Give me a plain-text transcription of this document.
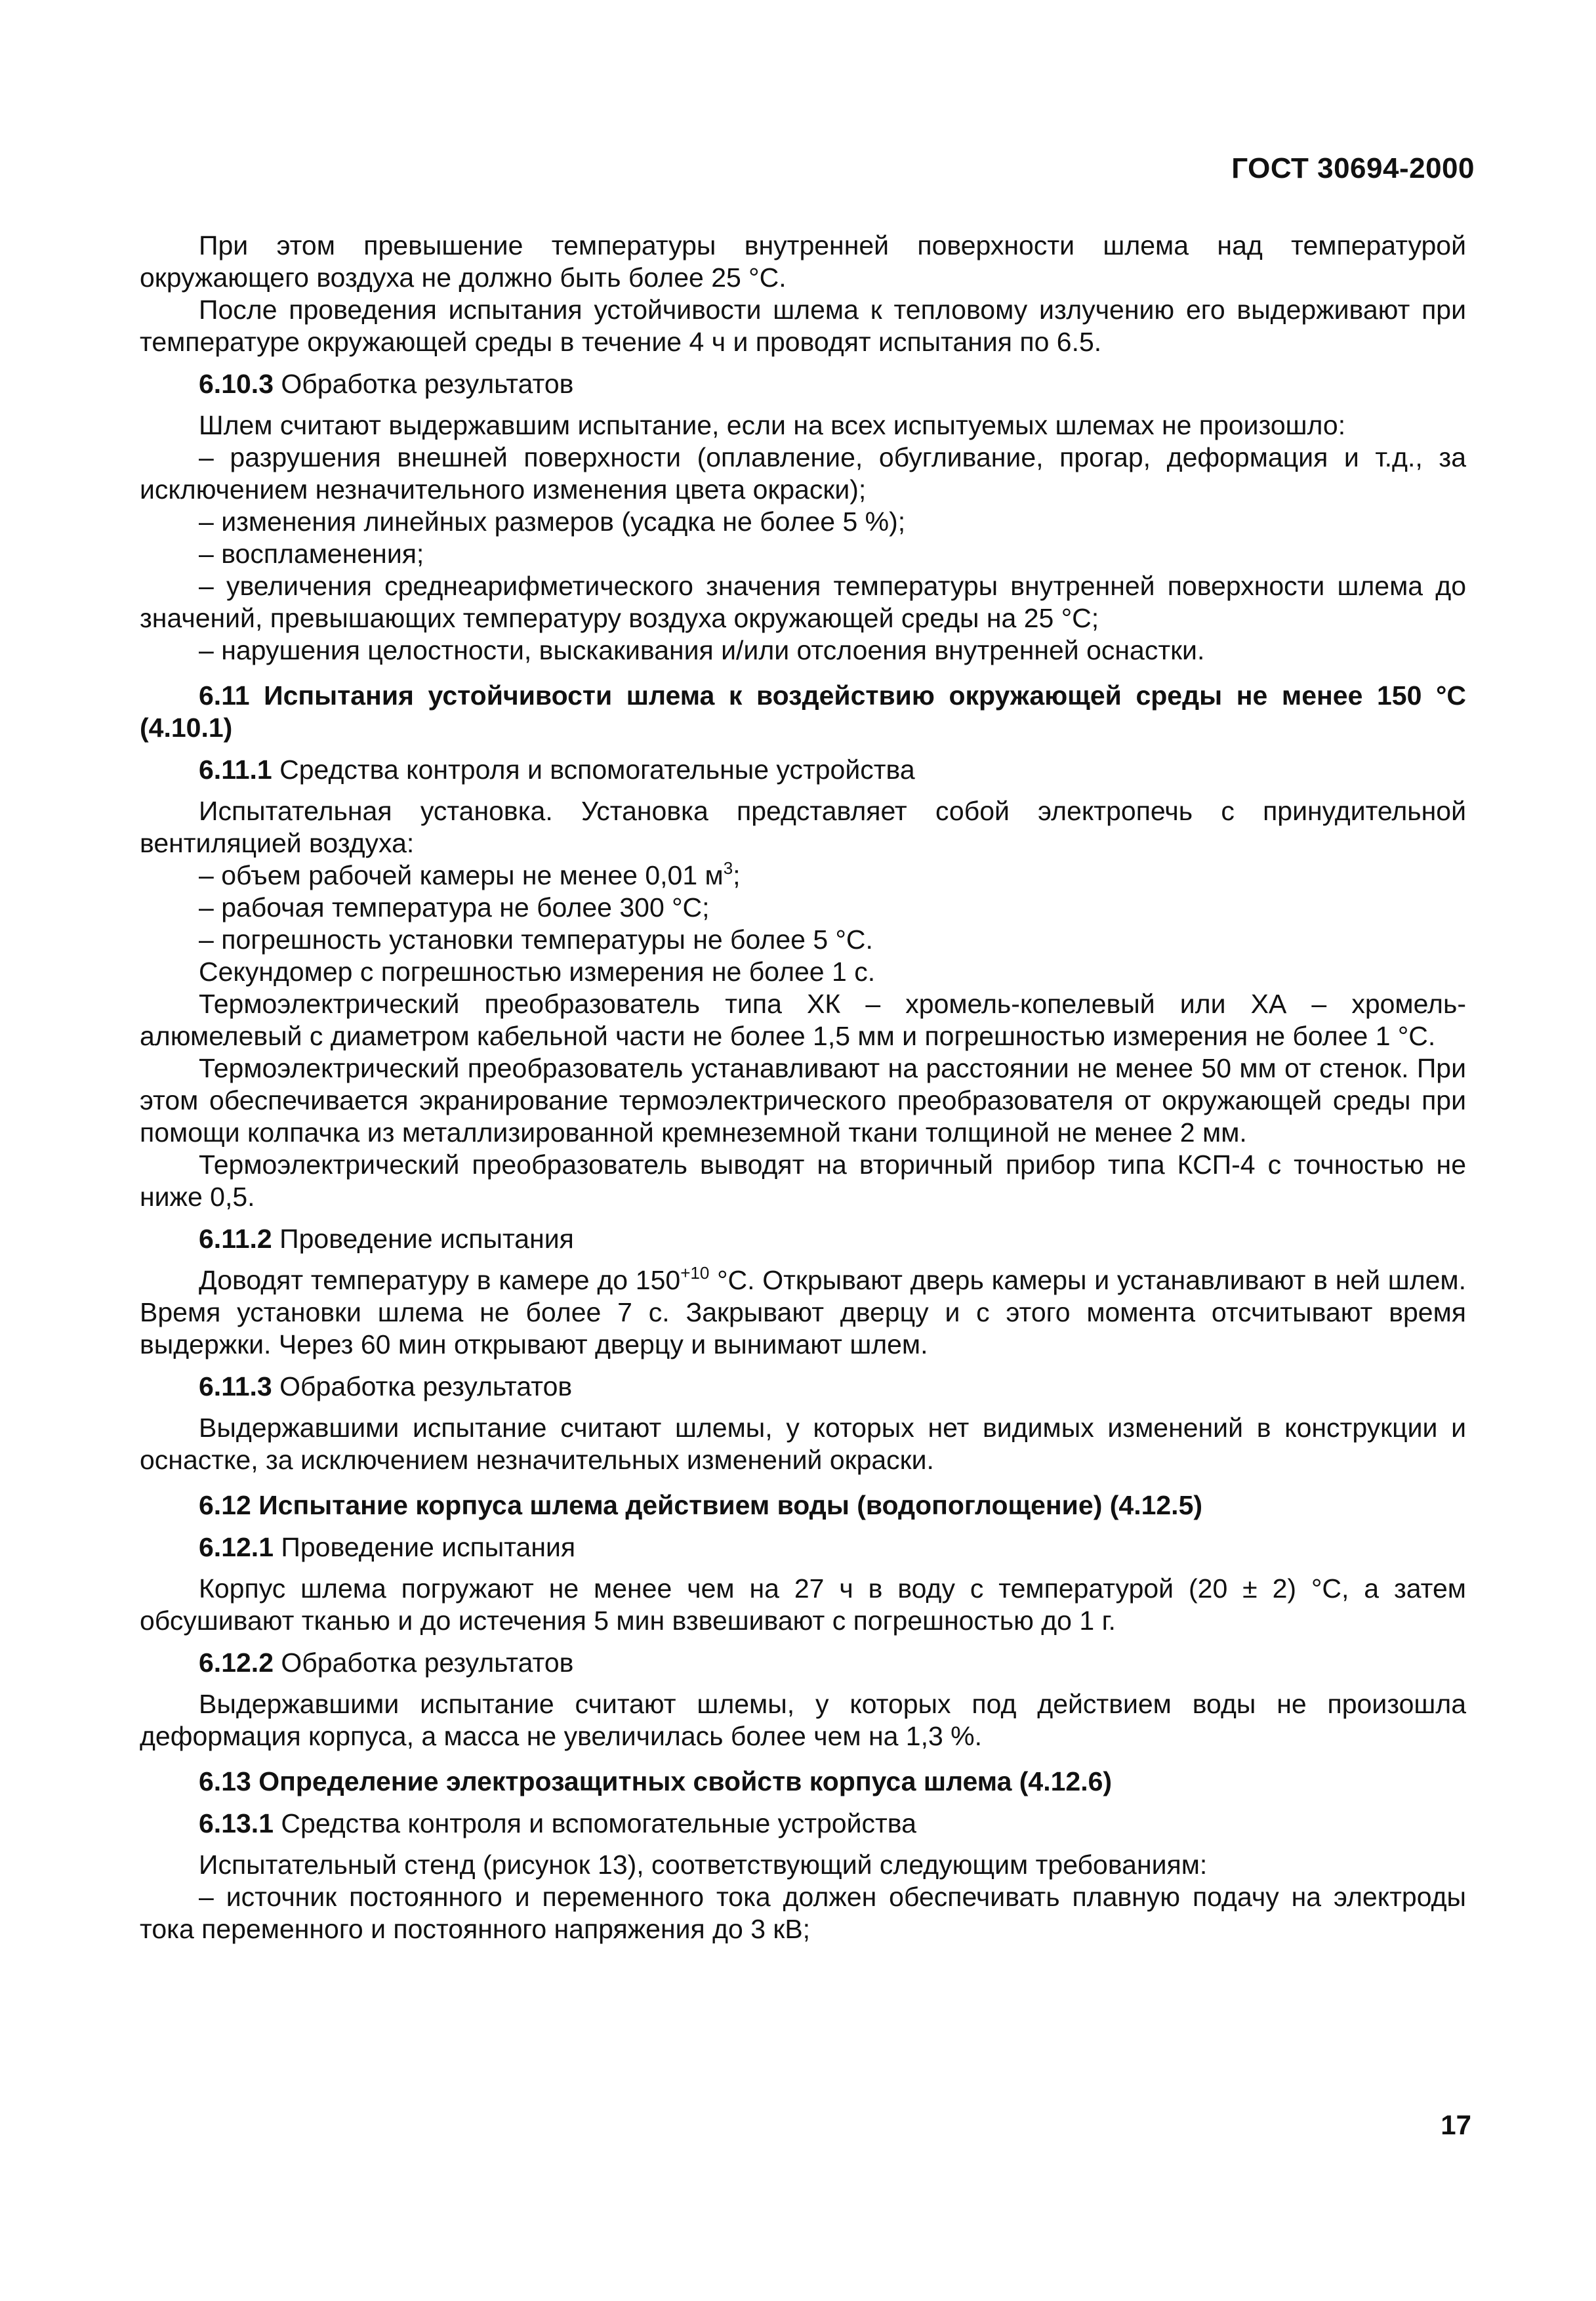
ГОСТ 30694-2000

При этом превышение температуры внутренней поверхности шлема над температурой окружающего воздуха не должно быть более 25 °С.

После проведения испытания устойчивости шлема к тепловому излучению его выдерживают при температуре окружающей среды в течение 4 ч и проводят испытания по 6.5.

6.10.3 Обработка результатов

Шлем считают выдержавшим испытание, если на всех испытуемых шлемах не произошло:

– разрушения внешней поверхности (оплавление, обугливание, прогар, деформация и т.д., за исключением незначительного изменения цвета окраски);

– изменения линейных размеров (усадка не более 5 %);

– воспламенения;

– увеличения среднеарифметического значения температуры внутренней поверхности шлема до значений, превышающих температуру воздуха окружающей среды на 25 °С;

– нарушения целостности, выскакивания и/или отслоения внутренней оснастки.

6.11 Испытания устойчивости шлема к воздействию окружающей среды не менее 150 °С (4.10.1)

6.11.1 Средства контроля и вспомогательные устройства

Испытательная установка. Установка представляет собой электропечь с принудительной вентиляцией воздуха:

– объем рабочей камеры не менее 0,01 $м^3$;

– рабочая температура не более 300 °С;

– погрешность установки температуры не более 5 °С.

Секундомер с погрешностью измерения не более 1 с.

Термоэлектрический преобразователь типа ХК – хромель-копелевый или ХА – хромель-алюмелевый с диаметром кабельной части не более 1,5 мм и погрешностью измерения не более 1 °С.

Термоэлектрический преобразователь устанавливают на расстоянии не менее 50 мм от стенок. При этом обеспечивается экранирование термоэлектрического преобразователя от окружающей среды при помощи колпачка из металлизированной кремнеземной ткани толщиной не менее 2 мм.

Термоэлектрический преобразователь выводят на вторичный прибор типа КСП-4 с точностью не ниже 0,5.

6.11.2 Проведение испытания

Доводят температуру в камере до $150^{+10}$ °С. Открывают дверь камеры и устанавливают в ней шлем. Время установки шлема не более 7 с. Закрывают дверцу и с этого момента отсчитывают время выдержки. Через 60 мин открывают дверцу и вынимают шлем.

6.11.3 Обработка результатов

Выдержавшими испытание считают шлемы, у которых нет видимых изменений в конструкции и оснастке, за исключением незначительных изменений окраски.

6.12 Испытание корпуса шлема действием воды (водопоглощение) (4.12.5)

6.12.1 Проведение испытания

Корпус шлема погружают не менее чем на 27 ч в воду с температурой (20 ± 2) °С, а затем обсушивают тканью и до истечения 5 мин взвешивают с погрешностью до 1 г.

6.12.2 Обработка результатов

Выдержавшими испытание считают шлемы, у которых под действием воды не произошла деформация корпуса, а масса не увеличилась более чем на 1,3 %.

6.13 Определение электрозащитных свойств корпуса шлема (4.12.6)

6.13.1 Средства контроля и вспомогательные устройства

Испытательный стенд (рисунок 13), соответствующий следующим требованиям:

– источник постоянного и переменного тока должен обеспечивать плавную подачу на электроды тока переменного и постоянного напряжения до 3 кВ;

17
